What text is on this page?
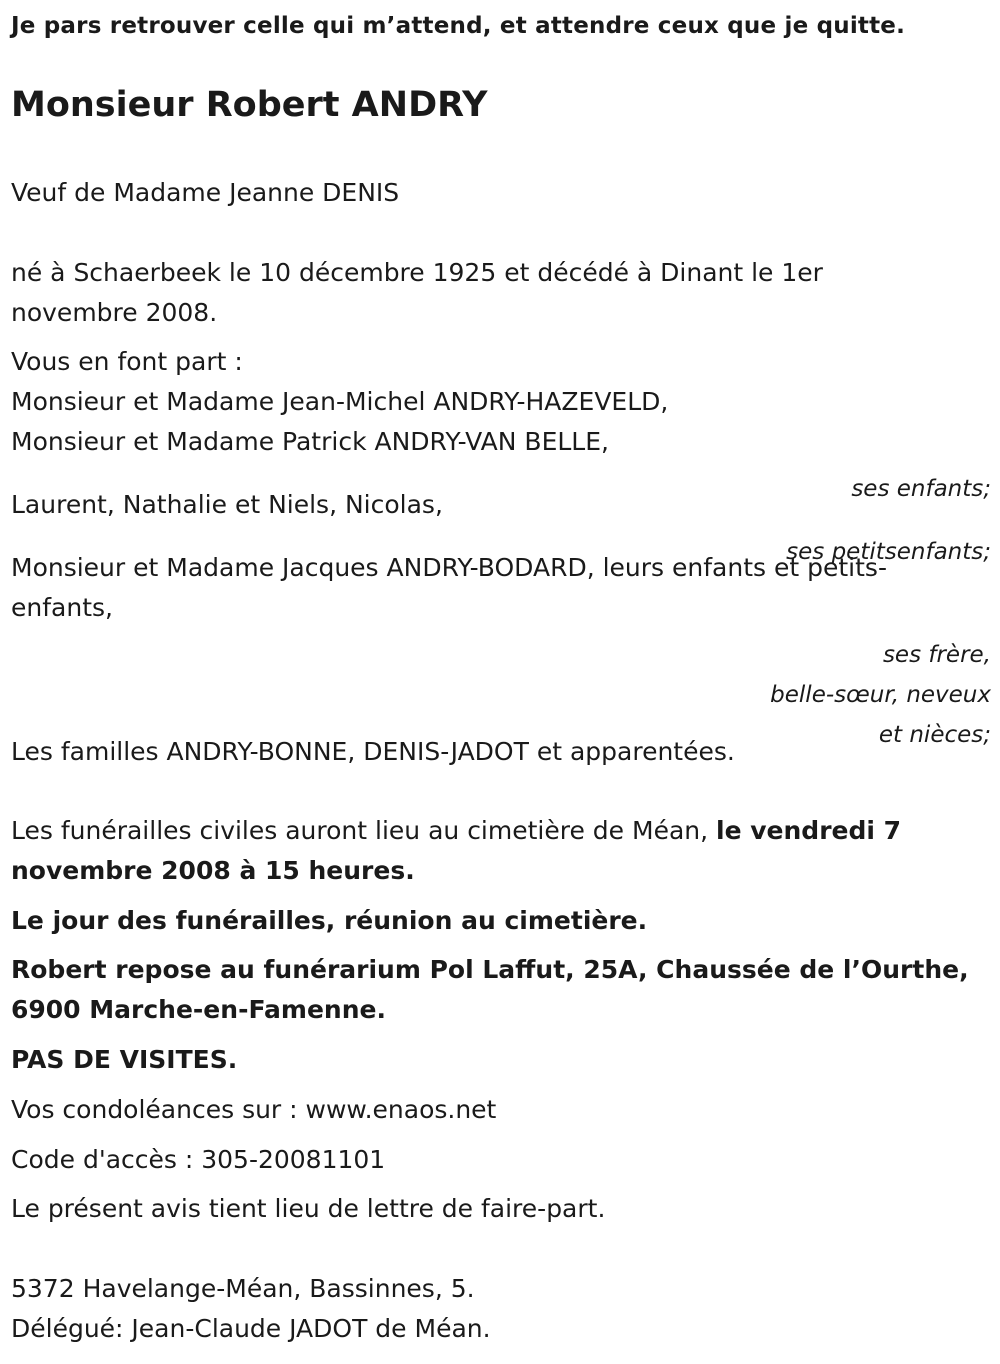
Je pars retrouver celle qui m’attend, et attendre ceux que je quitte.

Monsieur Robert ANDRY

Veuf de Madame Jeanne DENIS

né à Schaerbeek le 10 décembre 1925 et décédé à Dinant le 1er

novembre 2008.

Vous en font part :

Monsieur et Madame Jean-Michel ANDRY-HAZEVELD,

Monsieur et Madame Patrick ANDRY-VAN BELLE,

ses enfants;

Laurent, Nathalie et Niels, Nicolas,

ses petitsenfants;

Monsieur et Madame Jacques ANDRY-BODARD, leurs enfants et petits-

enfants,

ses frère,

belle-sœur, neveux

et nièces;

Les familles ANDRY-BONNE, DENIS-JADOT et apparentées.

Les funérailles civiles auront lieu au cimetière de Méan, le vendredi 7

novembre 2008 à 15 heures.

Le jour des funérailles, réunion au cimetière.

Robert repose au funérarium Pol Laffut, 25A, Chaussée de l’Ourthe,

6900 Marche-en-Famenne.

PAS DE VISITES.

Vos condoléances sur : www.enaos.net

Code d'accès : 305-20081101

Le présent avis tient lieu de lettre de faire-part.

5372 Havelange-Méan, Bassinnes, 5.

Délégué: Jean-Claude JADOT de Méan.
